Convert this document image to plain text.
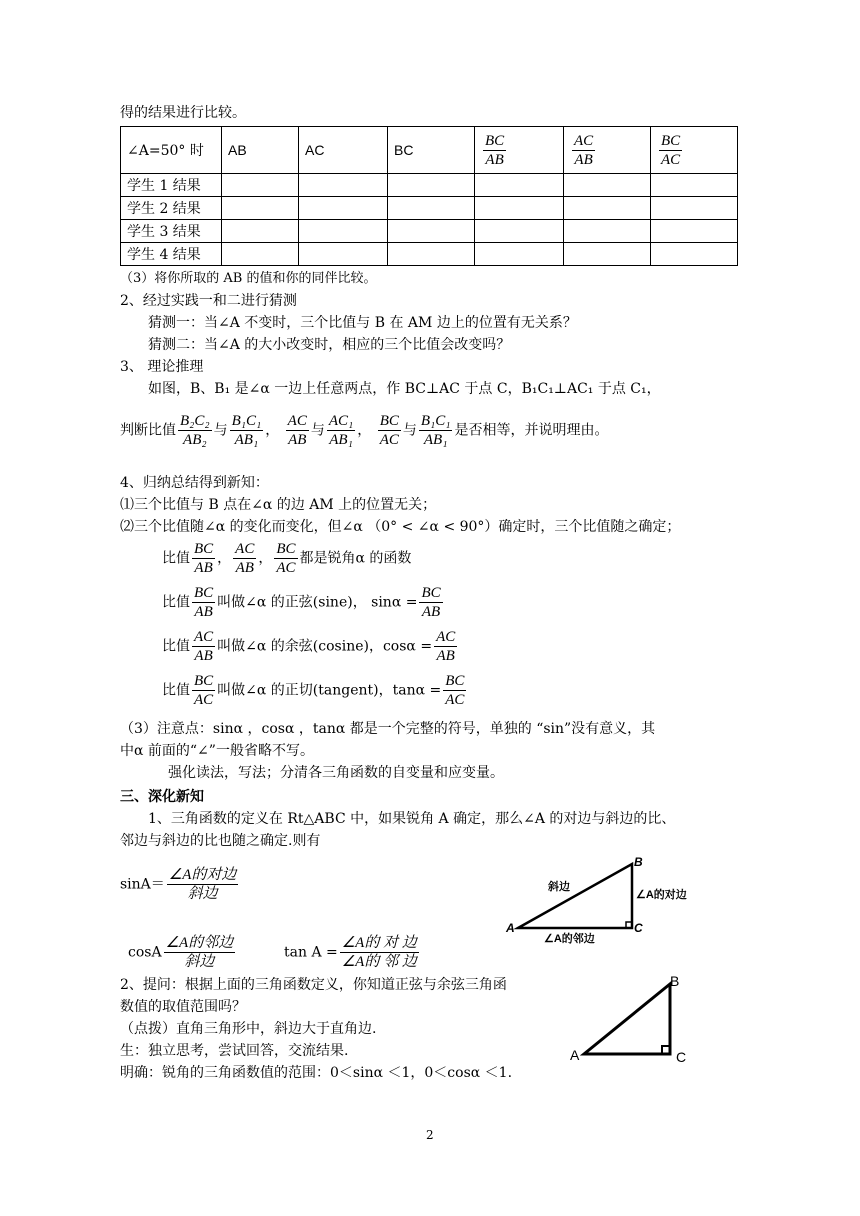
得的结果进行比较。
∠A=50° 时	AB	AC	BC	$\frac{BC}{AB}$	$\frac{AC}{AB}$	$\frac{BC}{AC}$

学生 1 结果						
学生 2 结果						
学生 3 结果						
学生 4 结果						
（3）将你所取的 AB 的值和你的同伴比较。
2、经过实践一和二进行猜测
猜测一：当∠A 不变时，三个比值与 B 在 AM 边上的位置有无关系？
猜测二：当∠A 的大小改变时，相应的三个比值会改变吗？
3、 理论推理
如图，B、B₁ 是∠α 一边上任意两点，作 BC⊥AC 于点 C，B₁C₁⊥AC₁ 于点 C₁，
判断比值 $\frac{\text{B₂C₂}}{\text{AB₂}}$ 与 $\frac{\text{B₁C₁}}{\text{AB₁}}$ ， $\frac{AC}{AB}$ 与 $\frac{\text{AC₁}}{\text{AB₁}}$ ， $\frac{BC}{AC}$ 与 $\frac{\text{B₁C₁}}{\text{AB₁}}$ 是否相等，并说明理由。
4、归纳总结得到新知：
⑴三个比值与 B 点在∠α 的边 AM 上的位置无关；
⑵三个比值随∠α 的变化而变化，但∠α （0° < ∠α < 90°）确定时，三个比值随之确定；
比值 $\frac{BC}{AB}$ ， $\frac{AC}{AB}$ ， $\frac{BC}{AC}$ 都是锐角α 的函数
比值 $\frac{BC}{AB}$ 叫做∠α 的正弦(sine)， $\sin\alpha = \frac{BC}{AB}$
比值 $\frac{AC}{AB}$ 叫做∠α 的余弦(cosine)，$\cos\alpha = \frac{AC}{AB}$
比值 $\frac{BC}{AC}$ 叫做∠α 的正切(tangent)，$\tan\alpha = \frac{BC}{AC}$
（3）注意点：sinα ，cosα ，tanα 都是一个完整的符号，单独的 “sin”没有意义，其
中α 前面的“∠”一般省略不写。
强化读法，写法；分清各三角函数的自变量和应变量。
三、深化新知
1、三角函数的定义在 Rt△ABC 中，如果锐角 A 确定，那么∠A 的对边与斜边的比、
邻边与斜边的比也随之确定.则有
$\sin A= \frac{\text{∠A的对边}}{\text{斜边}}$
cosA $\frac{\text{∠A的邻边}}{\text{斜边}}$	$\tan A = \frac{\text{∠A的 对 边}}{\text{∠A的 邻 边}}$
A
B
C
斜边
∠A的对边
∠A的邻边
2、提问：根据上面的三角函数定义，你知道正弦与余弦三角函
数值的取值范围吗？
（点拨）直角三角形中，斜边大于直角边.
生：独立思考，尝试回答，交流结果.
明确：锐角的三角函数值的范围：0＜sinα ＜1，0＜cosα ＜1.
A
B
C
2
